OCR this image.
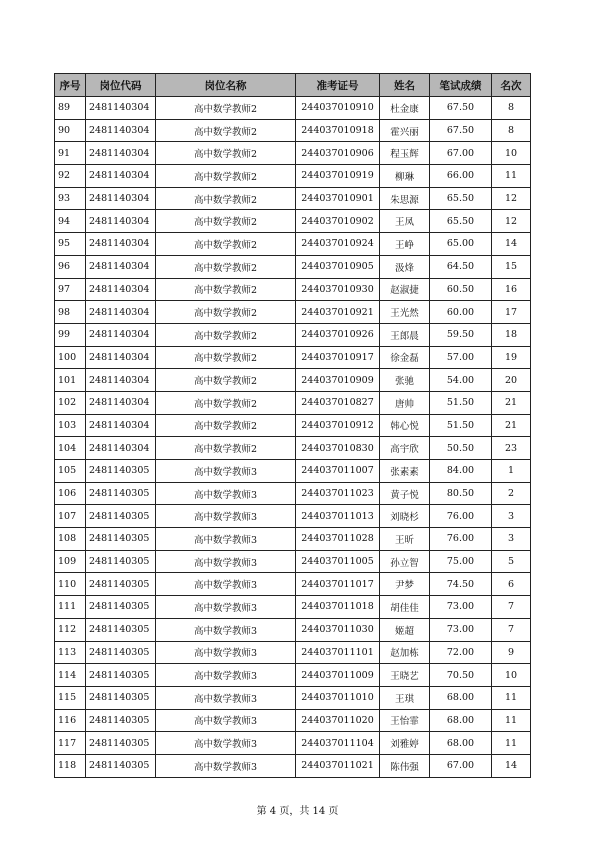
序号	岗位代码	岗位名称	准考证号	姓名	笔试成绩	名次
89	2481140304	高中数学教师2	244037010910	杜金康	67.50	8
90	2481140304	高中数学教师2	244037010918	霍兴丽	67.50	8
91	2481140304	高中数学教师2	244037010906	程玉辉	67.00	10
92	2481140304	高中数学教师2	244037010919	柳琳	66.00	11
93	2481140304	高中数学教师2	244037010901	朱思源	65.50	12
94	2481140304	高中数学教师2	244037010902	王凤	65.50	12
95	2481140304	高中数学教师2	244037010924	王峥	65.00	14
96	2481140304	高中数学教师2	244037010905	汲烽	64.50	15
97	2481140304	高中数学教师2	244037010930	赵淑捷	60.50	16
98	2481140304	高中数学教师2	244037010921	王光然	60.00	17
99	2481140304	高中数学教师2	244037010926	王郎晨	59.50	18
100	2481140304	高中数学教师2	244037010917	徐金磊	57.00	19
101	2481140304	高中数学教师2	244037010909	张驰	54.00	20
102	2481140304	高中数学教师2	244037010827	唐帅	51.50	21
103	2481140304	高中数学教师2	244037010912	韩心悦	51.50	21
104	2481140304	高中数学教师2	244037010830	高宇欣	50.50	23
105	2481140305	高中数学教师3	244037011007	张素素	84.00	1
106	2481140305	高中数学教师3	244037011023	黄子悦	80.50	2
107	2481140305	高中数学教师3	244037011013	刘晓杉	76.00	3
108	2481140305	高中数学教师3	244037011028	王昕	76.00	3
109	2481140305	高中数学教师3	244037011005	孙立智	75.00	5
110	2481140305	高中数学教师3	244037011017	尹梦	74.50	6
111	2481140305	高中数学教师3	244037011018	胡佳佳	73.00	7
112	2481140305	高中数学教师3	244037011030	姬超	73.00	7
113	2481140305	高中数学教师3	244037011101	赵加栋	72.00	9
114	2481140305	高中数学教师3	244037011009	王晓艺	70.50	10
115	2481140305	高中数学教师3	244037011010	王琪	68.00	11
116	2481140305	高中数学教师3	244037011020	王怡霏	68.00	11
117	2481140305	高中数学教师3	244037011104	刘雅婷	68.00	11
118	2481140305	高中数学教师3	244037011021	陈伟强	67.00	14
第 4 页，共 14 页
